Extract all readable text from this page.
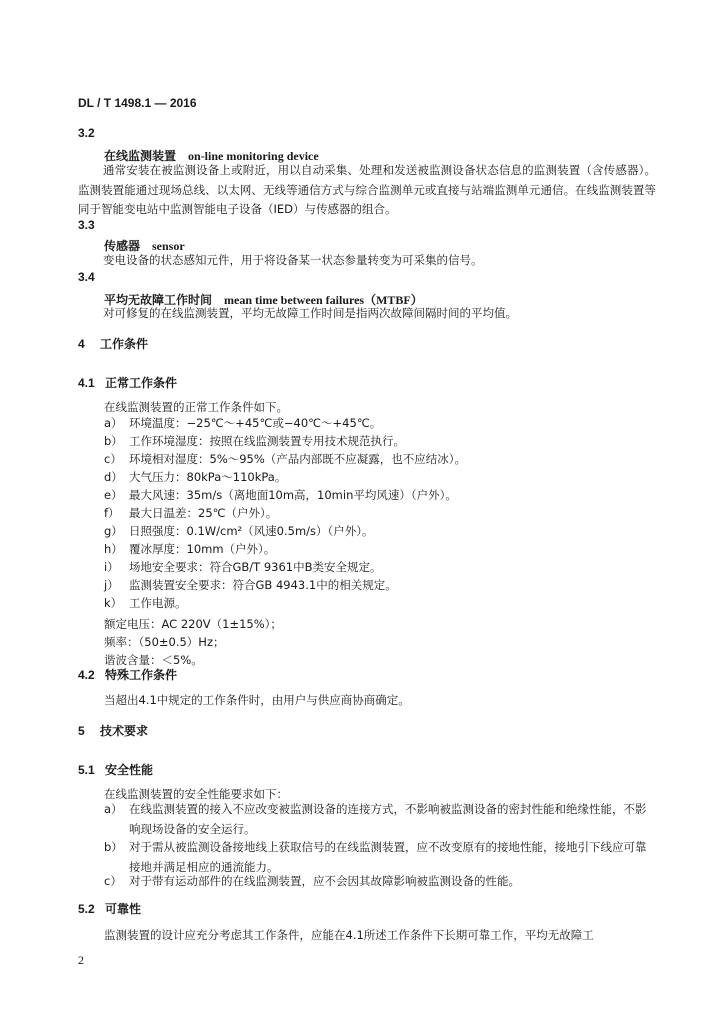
DL / T 1498.1 — 2016
3.2
在线监测装置 on-line monitoring device
通常安装在被监测设备上或附近，用以自动采集、处理和发送被监测设备状态信息的监测装置（含传感器）。监测装置能通过现场总线、以太网、无线等通信方式与综合监测单元或直接与站端监测单元通信。在线监测装置等同于智能变电站中监测智能电子设备（IED）与传感器的组合。
3.3
传感器 sensor
变电设备的状态感知元件，用于将设备某一状态参量转变为可采集的信号。
3.4
平均无故障工作时间 mean time between failures（MTBF）
对可修复的在线监测装置，平均无故障工作时间是指两次故障间隔时间的平均值。
4 工作条件
4.1 正常工作条件
在线监测装置的正常工作条件如下。
a） 环境温度：−25℃～+45℃或−40℃～+45℃。
b） 工作环境湿度：按照在线监测装置专用技术规范执行。
c） 环境相对湿度：5%～95%（产品内部既不应凝露，也不应结冰）。
d） 大气压力：80kPa～110kPa。
e） 最大风速：35m/s（离地面10m高，10min平均风速）（户外）。
f） 最大日温差：25℃（户外）。
g） 日照强度：0.1W/cm²（风速0.5m/s）（户外）。
h） 覆冰厚度：10mm（户外）。
i） 场地安全要求：符合GB/T 9361中B类安全规定。
j） 监测装置安全要求：符合GB 4943.1中的相关规定。
k） 工作电源。
额定电压：AC 220V（1±15%）；
频率：（50±0.5）Hz；
谐波含量：＜5%。
4.2 特殊工作条件
当超出4.1中规定的工作条件时，由用户与供应商协商确定。
5 技术要求
5.1 安全性能
在线监测装置的安全性能要求如下：
a） 在线监测装置的接入不应改变被监测设备的连接方式，不影响被监测设备的密封性能和绝缘性能，不影响现场设备的安全运行。
b） 对于需从被监测设备接地线上获取信号的在线监测装置，应不改变原有的接地性能，接地引下线应可靠接地并满足相应的通流能力。
c） 对于带有运动部件的在线监测装置，应不会因其故障影响被监测设备的性能。
5.2 可靠性
监测装置的设计应充分考虑其工作条件，应能在4.1所述工作条件下长期可靠工作，平均无故障工
2
